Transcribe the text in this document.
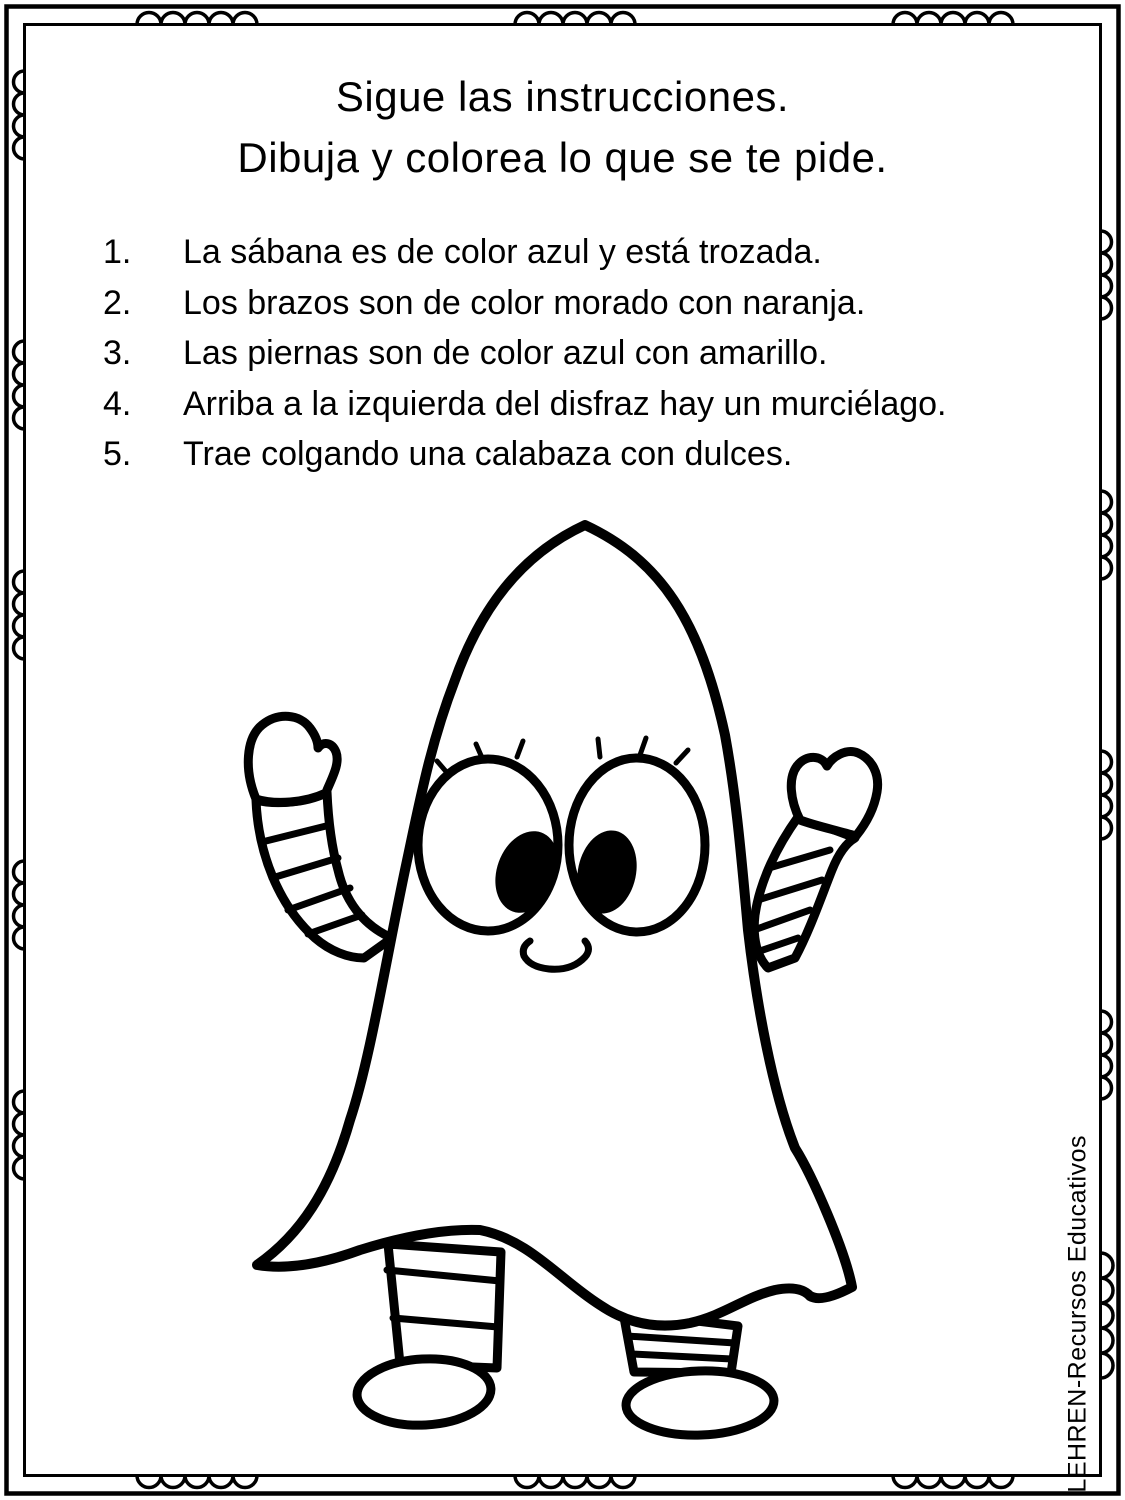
Sigue las instrucciones.
Dibuja y colorea lo que se te pide.
1.	La sábana es de color azul y está trozada.
2.	Los brazos son de color morado con naranja.
3.	Las piernas son de color azul con amarillo.
4.	Arriba a la izquierda del disfraz hay un murciélago.
5.	Trae colgando una calabaza con dulces.
LEHREN-Recursos Educativos
